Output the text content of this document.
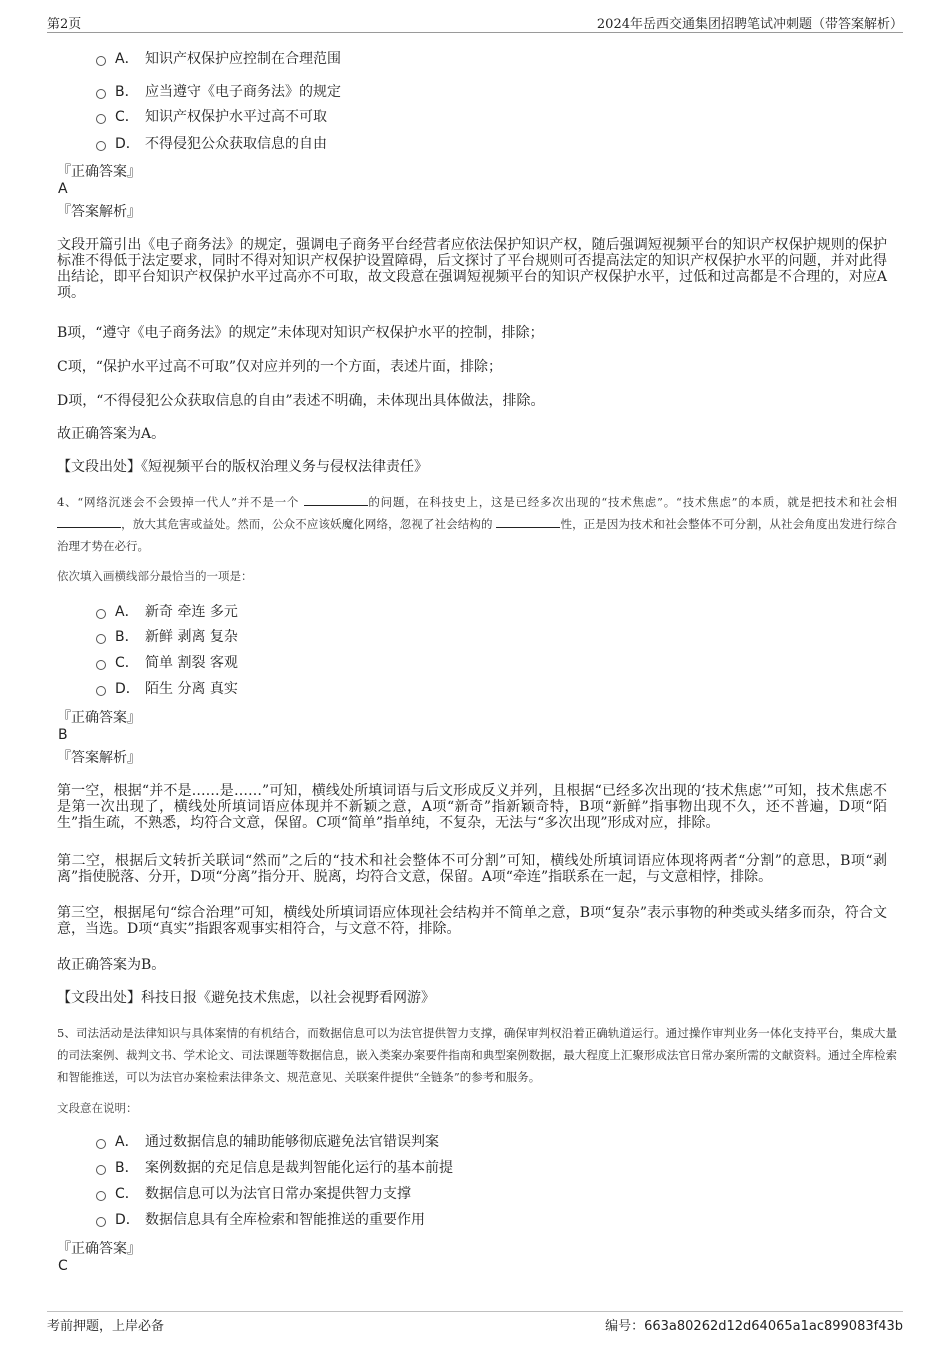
第2页	2024年岳西交通集团招聘笔试冲刺题（带答案解析）
A． 知识产权保护应控制在合理范围
B． 应当遵守《电子商务法》的规定
C． 知识产权保护水平过高不可取
D． 不得侵犯公众获取信息的自由
『正确答案』
A
『答案解析』
文段开篇引出《电子商务法》的规定，强调电子商务平台经营者应依法保护知识产权，随后强调短视频平台的知识产权保护规则的保护标准不得低于法定要求，同时不得对知识产权保护设置障碍，后文探讨了平台规则可否提高法定的知识产权保护水平的问题，并对此得出结论，即平台知识产权保护水平过高亦不可取，故文段意在强调短视频平台的知识产权保护水平，过低和过高都是不合理的，对应A项。
B项，“遵守《电子商务法》的规定”未体现对知识产权保护水平的控制，排除；
C项，“保护水平过高不可取”仅对应并列的一个方面，表述片面，排除；
D项，“不得侵犯公众获取信息的自由”表述不明确，未体现出具体做法，排除。
故正确答案为A。
【文段出处】《短视频平台的版权治理义务与侵权法律责任》
4、“网络沉迷会不会毁掉一代人”并不是一个	的问题，在科技史上，这是已经多次出现的“技术焦虑”。“技术焦虑”的本质，就是把技术和社会相 ，放大其危害或益处。然而，公众不应该妖魔化网络，忽视了社会结构的	性，正是因为技术和社会整体不可分割，从社会角度出发进行综合治理才势在必行。
依次填入画横线部分最恰当的一项是：
A． 新奇 牵连 多元
B． 新鲜 剥离 复杂
C． 简单 割裂 客观
D． 陌生 分离 真实
『正确答案』
B
『答案解析』
第一空，根据“并不是……是……”可知，横线处所填词语与后文形成反义并列，且根据“已经多次出现的‘技术焦虑’”可知，技术焦虑不是第一次出现了，横线处所填词语应体现并不新颖之意，A项“新奇”指新颖奇特，B项“新鲜”指事物出现不久，还不普遍，D项“陌生”指生疏，不熟悉，均符合文意，保留。C项“简单”指单纯，不复杂，无法与“多次出现”形成对应，排除。
第二空，根据后文转折关联词“然而”之后的“技术和社会整体不可分割”可知，横线处所填词语应体现将两者“分割”的意思，B项“剥离”指使脱落、分开，D项“分离”指分开、脱离，均符合文意，保留。A项“牵连”指联系在一起，与文意相悖，排除。
第三空，根据尾句“综合治理”可知，横线处所填词语应体现社会结构并不简单之意，B项“复杂”表示事物的种类或头绪多而杂，符合文意，当选。D项“真实”指跟客观事实相符合，与文意不符，排除。
故正确答案为B。
【文段出处】科技日报《避免技术焦虑，以社会视野看网游》
5、司法活动是法律知识与具体案情的有机结合，而数据信息可以为法官提供智力支撑，确保审判权沿着正确轨道运行。通过操作审判业务一体化支持平台，集成大量的司法案例、裁判文书、学术论文、司法课题等数据信息，嵌入类案办案要件指南和典型案例数据，最大程度上汇聚形成法官日常办案所需的文献资料。通过全库检索和智能推送，可以为法官办案检索法律条文、规范意见、关联案件提供“全链条”的参考和服务。
文段意在说明：
A． 通过数据信息的辅助能够彻底避免法官错误判案
B． 案例数据的充足信息是裁判智能化运行的基本前提
C． 数据信息可以为法官日常办案提供智力支撑
D． 数据信息具有全库检索和智能推送的重要作用
『正确答案』
C
考前押题，上岸必备	编号：663a80262d12d64065a1ac899083f43b
